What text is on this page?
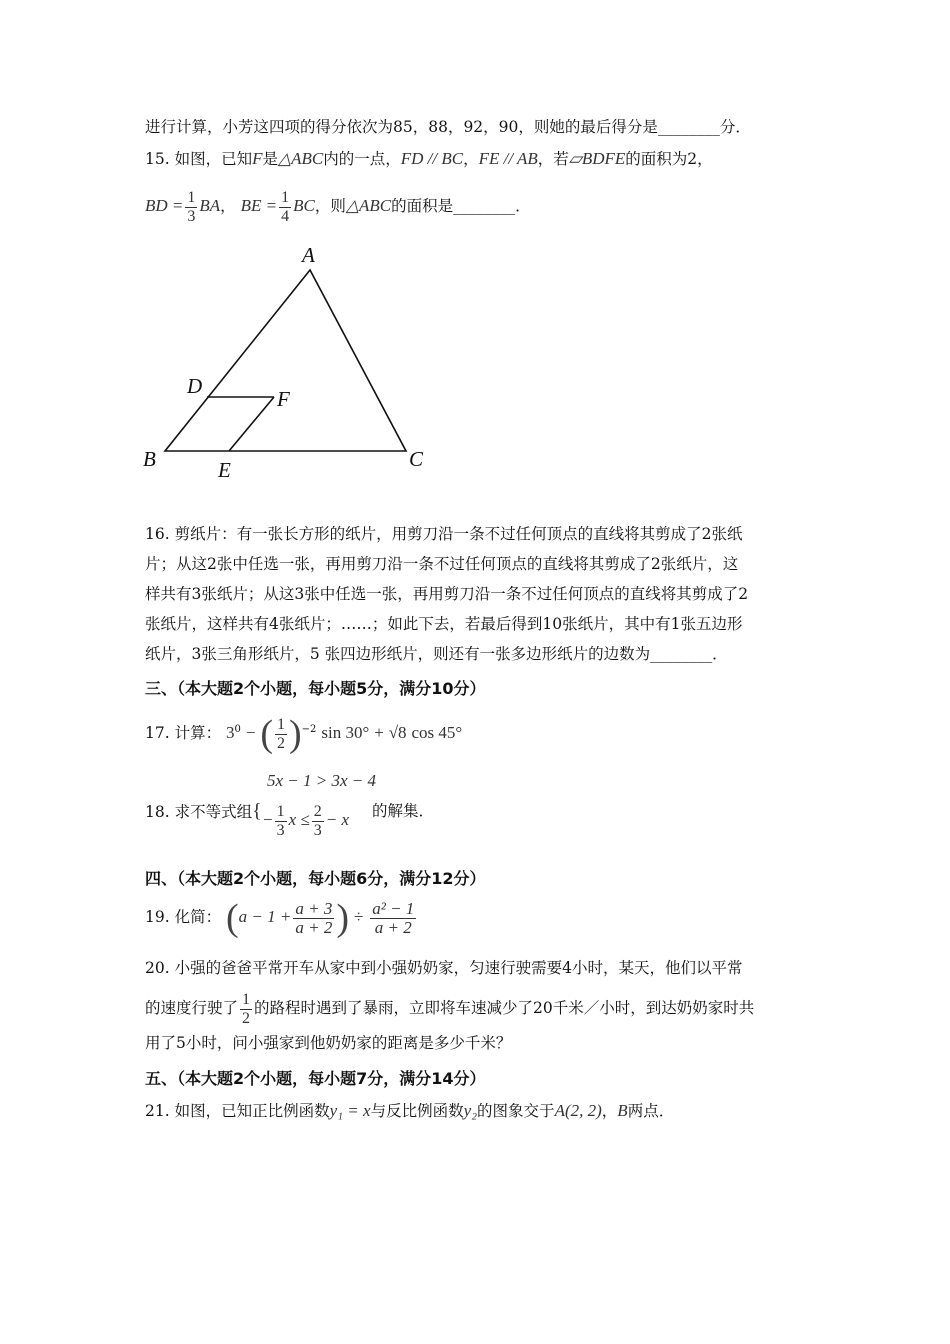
进行计算，小芳这四项的得分依次为85，88，92，90，则她的最后得分是________分．
15. 如图，已知F是△ABC内的一点，FD // BC，FE // AB，若▱BDFE的面积为2，
BD = $\frac{1}{3}$ BA， BE = $\frac{1}{4}$ BC，则△ABC的面积是________．
A
B	C
D
E
F
16. 剪纸片：有一张长方形的纸片，用剪刀沿一条不过任何顶点的直线将其剪成了2张纸
片；从这2张中任选一张，再用剪刀沿一条不过任何顶点的直线将其剪成了2张纸片，这
样共有3张纸片；从这3张中任选一张，再用剪刀沿一条不过任何顶点的直线将其剪成了2
张纸片，这样共有4张纸片；……；如此下去，若最后得到10张纸片，其中有1张五边形
纸片，3张三角形纸片，5 张四边形纸片，则还有一张多边形纸片的边数为________．
三、（本大题2个小题，每小题5分，满分10分）
17. 计算： $3^0$ − ( $\frac{1}{2} )^{-2}$ sin 30° + √8 cos 45°
5x − 1 > 3x − 4
18. 求不等式组{ − $\frac{1}{3}$ $x \le \frac{2}{3} - x$ 的解集．
四、（本大题2个小题，每小题6分，满分12分）
19. 化简： ($a - 1 + \frac{a + 3}{a + 2}$ ) ÷ $\frac{\text{a² − 1}}{a + 2}$
20. 小强的爸爸平常开车从家中到小强奶奶家，匀速行驶需要4小时，某天，他们以平常
的速度行驶了 $\frac{1}{2}$ 的路程时遇到了暴雨，立即将车速减少了20千米／小时，到达奶奶家时共
用了5小时，问小强家到他奶奶家的距离是多少千米？
五、（本大题2个小题，每小题7分，满分14分）
21. 如图，已知正比例函数y₁ = x与反比例函数y₂的图象交于A(2, 2)，B两点．
